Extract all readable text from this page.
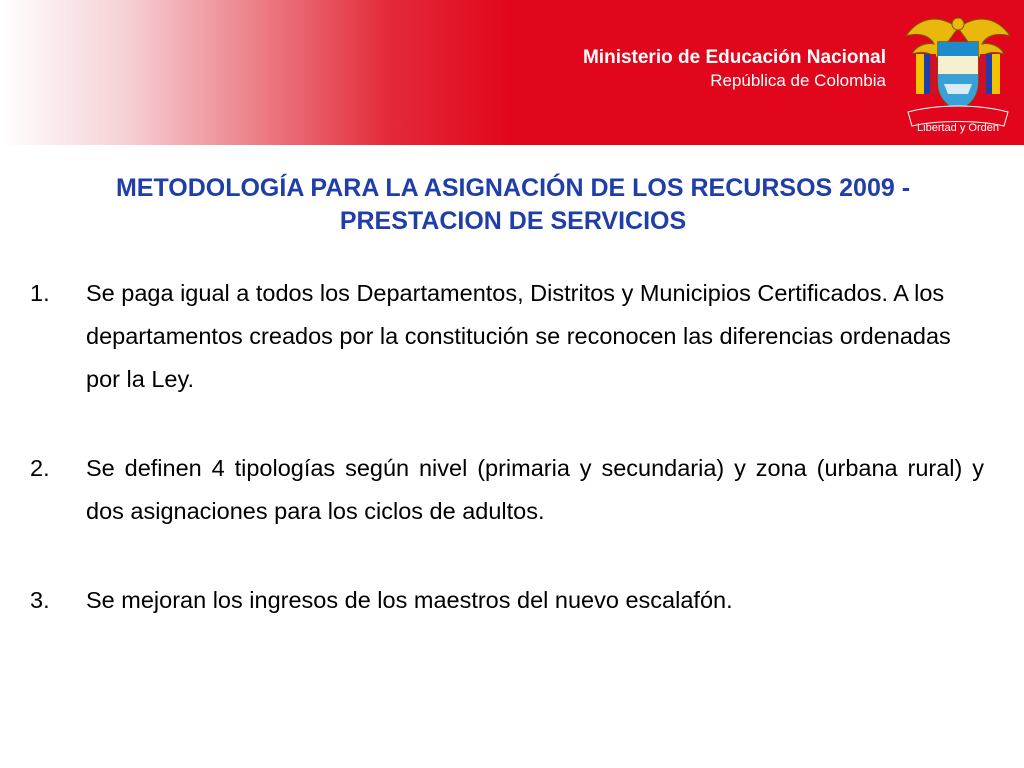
Ministerio de Educación Nacional
República de Colombia
Libertad y Orden
METODOLOGÍA PARA LA ASIGNACIÓN DE LOS RECURSOS 2009 -
PRESTACION DE SERVICIOS
1.	Se paga igual a todos los Departamentos, Distritos y Municipios Certificados. A los departamentos creados por la constitución se reconocen las diferencias ordenadas por la Ley.
2.	Se definen 4 tipologías según nivel (primaria y secundaria) y zona (urbana rural) y dos asignaciones para los ciclos de adultos.
3.	Se mejoran los ingresos de los maestros del nuevo escalafón.
